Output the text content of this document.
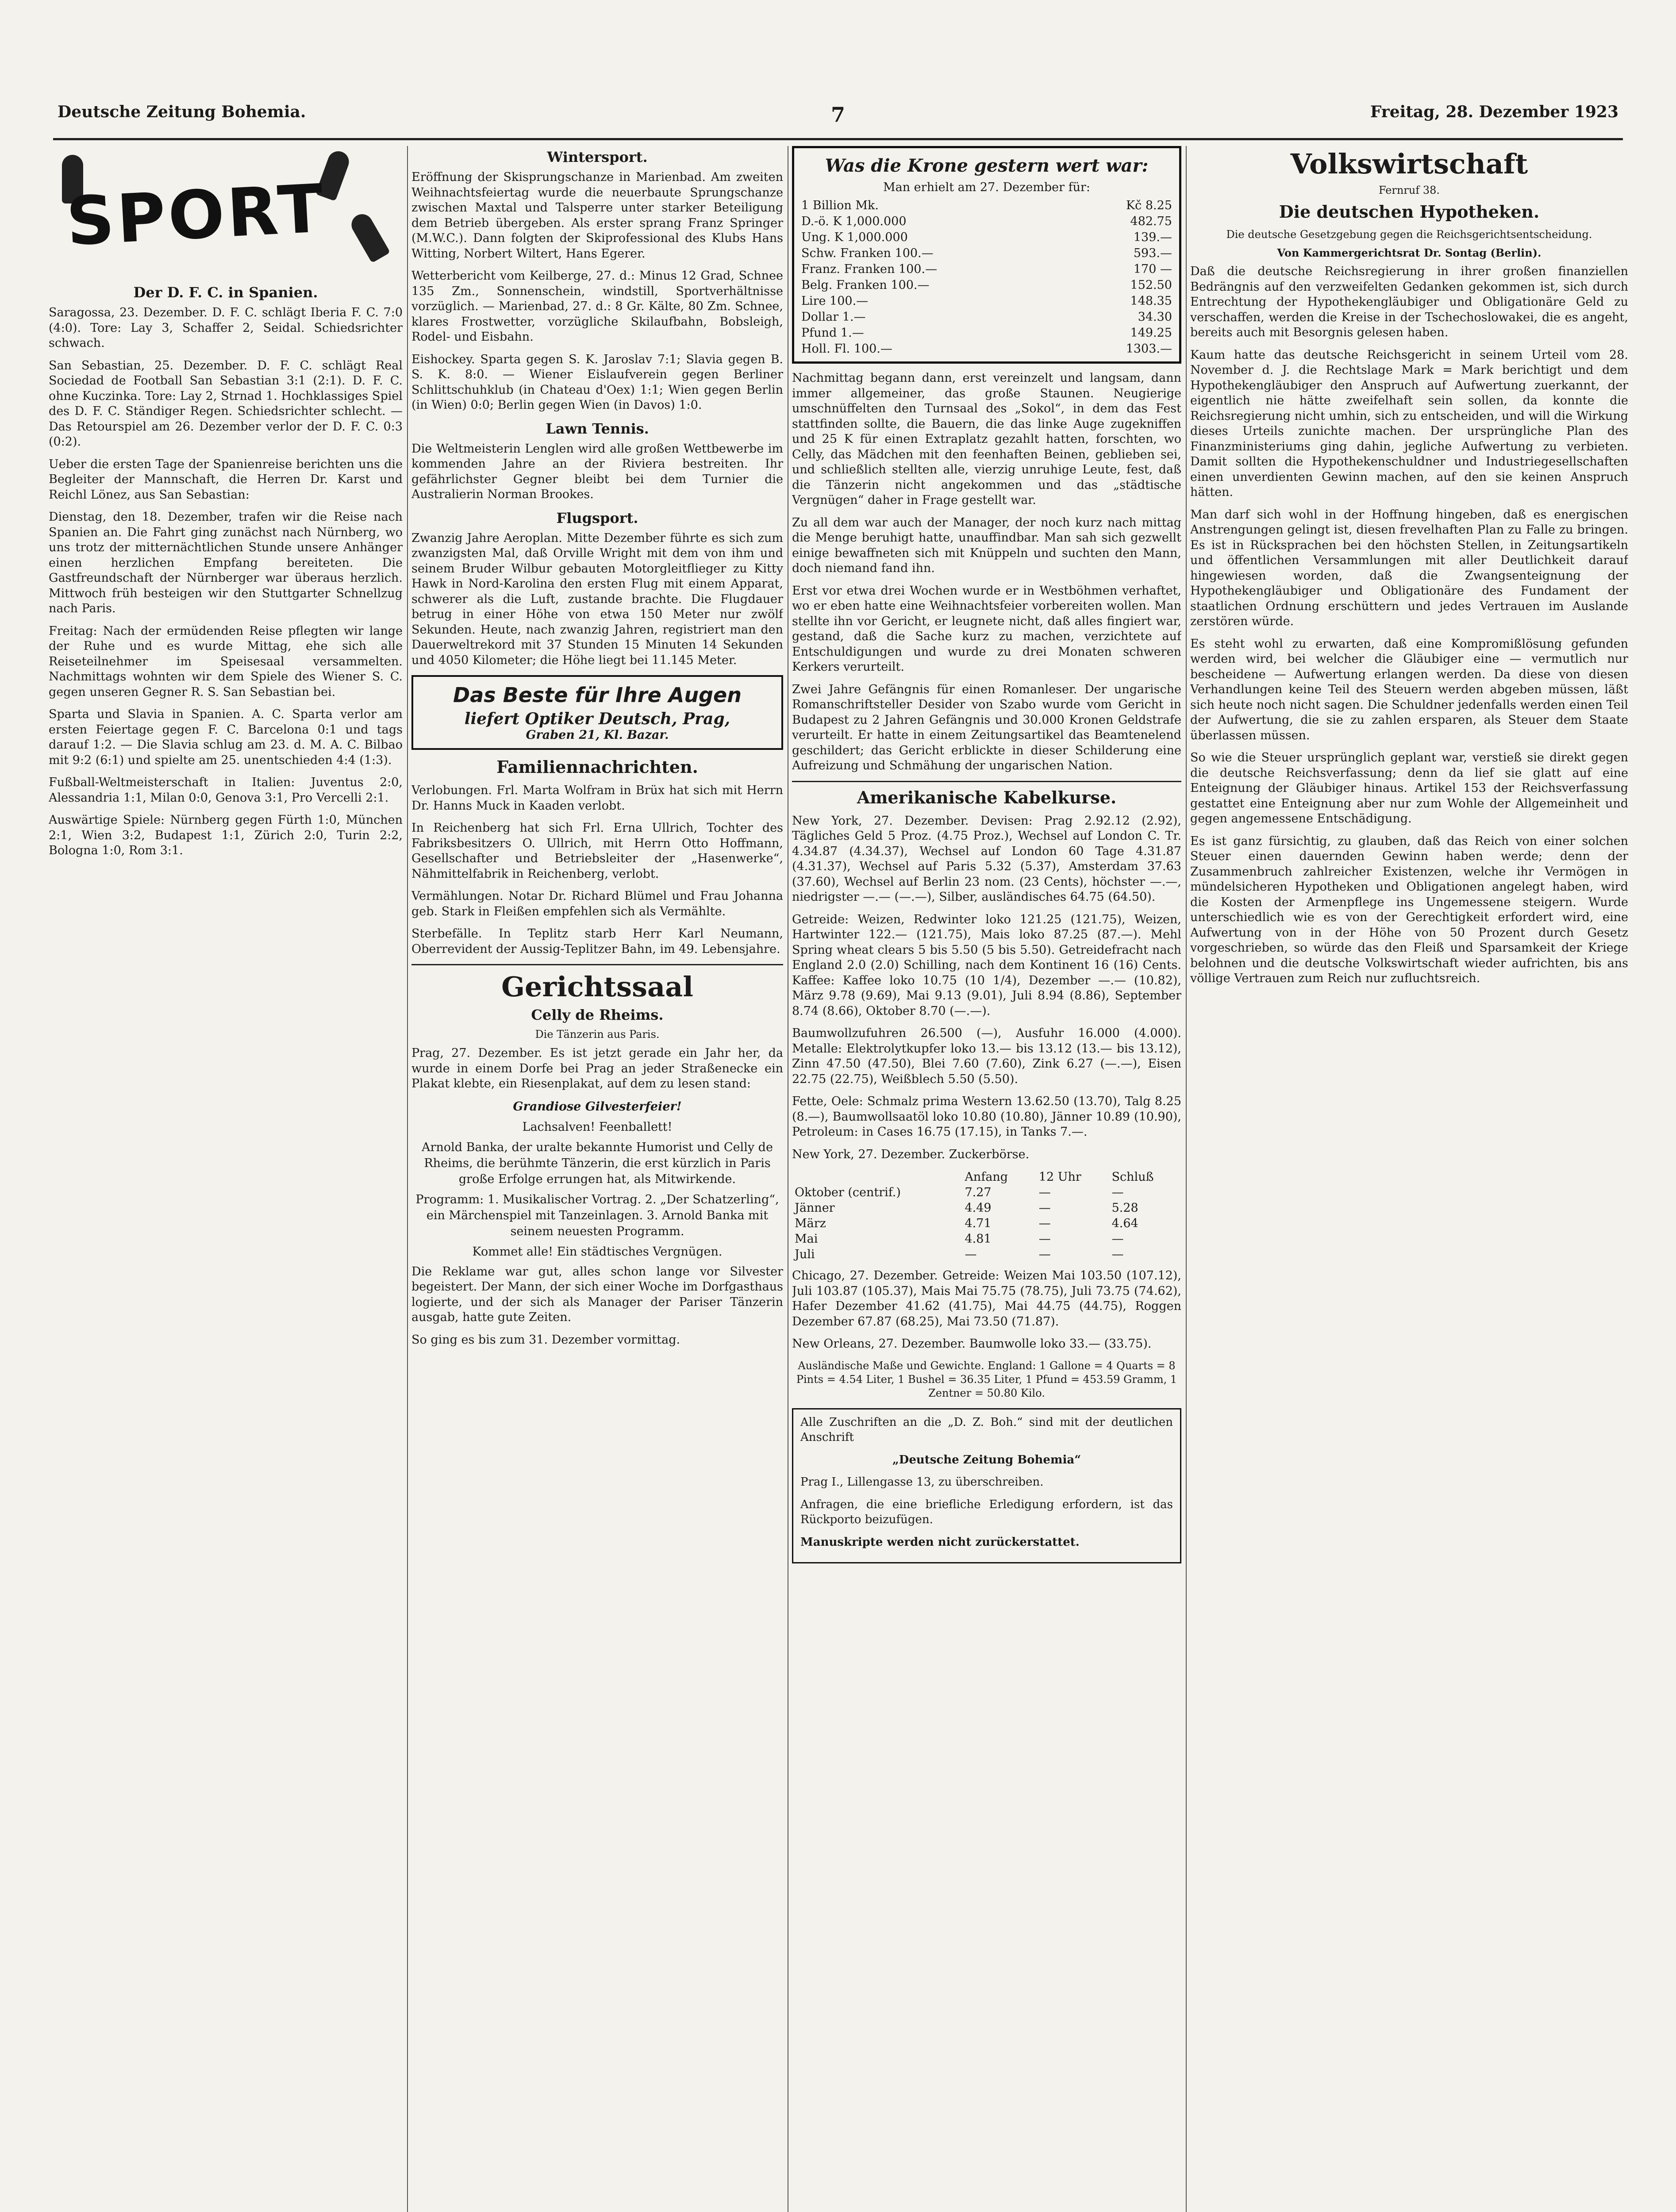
Deutsche Zeitung Bohemia.	7	Freitag, 28. Dezember 1923
SPORT
Der D. F. C. in Spanien.

Saragossa, 23. Dezember. D. F. C. schlägt Iberia F. C. 7:0 (4:0). Tore: Lay 3, Schaffer 2, Seidal. Schiedsrichter schwach.

San Sebastian, 25. Dezember. D. F. C. schlägt Real Sociedad de Football San Sebastian 3:1 (2:1). D. F. C. ohne Kuczinka. Tore: Lay 2, Strnad 1. Hochklassiges Spiel des D. F. C. Ständiger Regen. Schiedsrichter schlecht. — Das Retourspiel am 26. Dezember verlor der D. F. C. 0:3 (0:2).

Ueber die ersten Tage der Spanienreise berichten uns die Begleiter der Mannschaft, die Herren Dr. Karst und Reichl Lönez, aus San Sebastian:

Dienstag, den 18. Dezember, trafen wir die Reise nach Spanien an. Die Fahrt ging zunächst nach Nürnberg, wo uns trotz der mitternächtlichen Stunde unsere Anhänger einen herzlichen Empfang bereiteten. Die Gastfreundschaft der Nürnberger war überaus herzlich. Mittwoch früh besteigen wir den Stuttgarter Schnellzug nach Paris.

Freitag: Nach der ermüdenden Reise pflegten wir lange der Ruhe und es wurde Mittag, ehe sich alle Reiseteilnehmer im Speisesaal versammelten. Nachmittags wohnten wir dem Spiele des Wiener S. C. gegen unseren Gegner R. S. San Sebastian bei.

Sparta und Slavia in Spanien. A. C. Sparta verlor am ersten Feiertage gegen F. C. Barcelona 0:1 und tags darauf 1:2. — Die Slavia schlug am 23. d. M. A. C. Bilbao mit 9:2 (6:1) und spielte am 25. unentschieden 4:4 (1:3).

Fußball-Weltmeisterschaft in Italien: Juventus 2:0, Alessandria 1:1, Milan 0:0, Genova 3:1, Pro Vercelli 2:1.

Auswärtige Spiele: Nürnberg gegen Fürth 1:0, München 2:1, Wien 3:2, Budapest 1:1, Zürich 2:0, Turin 2:2, Bologna 1:0, Rom 3:1.

Wintersport.

Eröffnung der Skisprungschanze in Marienbad. Am zweiten Weihnachtsfeiertag wurde die neuerbaute Sprungschanze zwischen Maxtal und Talsperre unter starker Beteiligung dem Betrieb übergeben. Als erster sprang Franz Springer (M.W.C.). Dann folgten der Skiprofessional des Klubs Hans Witting, Norbert Wiltert, Hans Egerer.

Wetterbericht vom Keilberge, 27. d.: Minus 12 Grad, Schnee 135 Zm., Sonnenschein, windstill, Sportverhältnisse vorzüglich. — Marienbad, 27. d.: 8 Gr. Kälte, 80 Zm. Schnee, klares Frostwetter, vorzügliche Skilaufbahn, Bobsleigh, Rodel- und Eisbahn.

Eishockey. Sparta gegen S. K. Jaroslav 7:1; Slavia gegen B. S. K. 8:0. — Wiener Eislaufverein gegen Berliner Schlittschuhklub (in Chateau d'Oex) 1:1; Wien gegen Berlin (in Wien) 0:0; Berlin gegen Wien (in Davos) 1:0.

Lawn Tennis.

Die Weltmeisterin Lenglen wird alle großen Wettbewerbe im kommenden Jahre an der Riviera bestreiten. Ihr gefährlichster Gegner bleibt bei dem Turnier die Australierin Norman Brookes.

Flugsport.

Zwanzig Jahre Aeroplan. Mitte Dezember führte es sich zum zwanzigsten Mal, daß Orville Wright mit dem von ihm und seinem Bruder Wilbur gebauten Motorgleitflieger zu Kitty Hawk in Nord-Karolina den ersten Flug mit einem Apparat, schwerer als die Luft, zustande brachte. Die Flugdauer betrug in einer Höhe von etwa 150 Meter nur zwölf Sekunden. Heute, nach zwanzig Jahren, registriert man den Dauerweltrekord mit 37 Stunden 15 Minuten 14 Sekunden und 4050 Kilometer; die Höhe liegt bei 11.145 Meter.

Das Beste für Ihre Augen
liefert Optiker Deutsch, Prag,
Graben 21, Kl. Bazar.
Familiennachrichten.

Verlobungen. Frl. Marta Wolfram in Brüx hat sich mit Herrn Dr. Hanns Muck in Kaaden verlobt.

In Reichenberg hat sich Frl. Erna Ullrich, Tochter des Fabriksbesitzers O. Ullrich, mit Herrn Otto Hoffmann, Gesellschafter und Betriebsleiter der „Hasenwerke“, Nähmittelfabrik in Reichenberg, verlobt.

Vermählungen. Notar Dr. Richard Blümel und Frau Johanna geb. Stark in Fleißen empfehlen sich als Vermählte.

Sterbefälle. In Teplitz starb Herr Karl Neumann, Oberrevident der Aussig-Teplitzer Bahn, im 49. Lebensjahre.

Gerichtssaal
Celly de Rheims.

Die Tänzerin aus Paris.

Prag, 27. Dezember. Es ist jetzt gerade ein Jahr her, da wurde in einem Dorfe bei Prag an jeder Straßenecke ein Plakat klebte, ein Riesenplakat, auf dem zu lesen stand:

Grandiose Gilvesterfeier!

Lachsalven! Feenballett!

Arnold Banka, der uralte bekannte Humorist und Celly de Rheims, die berühmte Tänzerin, die erst kürzlich in Paris große Erfolge errungen hat, als Mitwirkende.

Programm: 1. Musikalischer Vortrag. 2. „Der Schatzerling“, ein Märchenspiel mit Tanzeinlagen. 3. Arnold Banka mit seinem neuesten Programm.

Kommet alle! Ein städtisches Vergnügen.

Die Reklame war gut, alles schon lange vor Silvester begeistert. Der Mann, der sich einer Woche im Dorfgasthaus logierte, und der sich als Manager der Pariser Tänzerin ausgab, hatte gute Zeiten.

So ging es bis zum 31. Dezember vormittag.

Was die Krone gestern wert war:
Man erhielt am 27. Dezember für:
1 Billion Mk.	Kč 8.25
D.-ö. K 1,000.000	482.75
Ung. K 1,000.000	139.—
Schw. Franken 100.—	593.—
Franz. Franken 100.—	170 —
Belg. Franken 100.—	152.50
Lire 100.—	148.35
Dollar 1.—	34.30
Pfund 1.—	149.25
Holl. Fl. 100.—	1303.—

Nachmittag begann dann, erst vereinzelt und langsam, dann immer allgemeiner, das große Staunen. Neugierige umschnüffelten den Turnsaal des „Sokol“, in dem das Fest stattfinden sollte, die Bauern, die das linke Auge zugekniffen und 25 K für einen Extraplatz gezahlt hatten, forschten, wo Celly, das Mädchen mit den feenhaften Beinen, geblieben sei, und schließlich stellten alle, vierzig unruhige Leute, fest, daß die Tänzerin nicht angekommen und das „städtische Vergnügen“ daher in Frage gestellt war.

Zu all dem war auch der Manager, der noch kurz nach mittag die Menge beruhigt hatte, unauffindbar. Man sah sich gezwellt einige bewaffneten sich mit Knüppeln und suchten den Mann, doch niemand fand ihn.

Erst vor etwa drei Wochen wurde er in Westböhmen verhaftet, wo er eben hatte eine Weihnachtsfeier vorbereiten wollen. Man stellte ihn vor Gericht, er leugnete nicht, daß alles fingiert war, gestand, daß die Sache kurz zu machen, verzichtete auf Entschuldigungen und wurde zu drei Monaten schweren Kerkers verurteilt.

Zwei Jahre Gefängnis für einen Romanleser. Der ungarische Romanschriftsteller Desider von Szabo wurde vom Gericht in Budapest zu 2 Jahren Gefängnis und 30.000 Kronen Geldstrafe verurteilt. Er hatte in einem Zeitungsartikel das Beamtenelend geschildert; das Gericht erblickte in dieser Schilderung eine Aufreizung und Schmähung der ungarischen Nation.

Amerikanische Kabelkurse.

New York, 27. Dezember. Devisen: Prag 2.92.12 (2.92), Tägliches Geld 5 Proz. (4.75 Proz.), Wechsel auf London C. Tr. 4.34.87 (4.34.37), Wechsel auf London 60 Tage 4.31.87 (4.31.37), Wechsel auf Paris 5.32 (5.37), Amsterdam 37.63 (37.60), Wechsel auf Berlin 23 nom. (23 Cents), höchster —.—, niedrigster —.— (—.—), Silber, ausländisches 64.75 (64.50).

Getreide: Weizen, Redwinter loko 121.25 (121.75), Weizen, Hartwinter 122.— (121.75), Mais loko 87.25 (87.—). Mehl Spring wheat clears 5 bis 5.50 (5 bis 5.50). Getreidefracht nach England 2.0 (2.0) Schilling, nach dem Kontinent 16 (16) Cents. Kaffee: Kaffee loko 10.75 (10 1/4), Dezember —.— (10.82), März 9.78 (9.69), Mai 9.13 (9.01), Juli 8.94 (8.86), September 8.74 (8.66), Oktober 8.70 (—.—).

Baumwollzufuhren 26.500 (—), Ausfuhr 16.000 (4.000). Metalle: Elektrolytkupfer loko 13.— bis 13.12 (13.— bis 13.12), Zinn 47.50 (47.50), Blei 7.60 (7.60), Zink 6.27 (—.—), Eisen 22.75 (22.75), Weißblech 5.50 (5.50).

Fette, Oele: Schmalz prima Western 13.62.50 (13.70), Talg 8.25 (8.—), Baumwollsaatöl loko 10.80 (10.80), Jänner 10.89 (10.90), Petroleum: in Cases 16.75 (17.15), in Tanks 7.—.

New York, 27. Dezember. Zuckerbörse.

	Anfang	12 Uhr	Schluß
Oktober (centrif.)	7.27	—	—
Jänner	4.49	—	5.28
März	4.71	—	4.64
Mai	4.81	—	—
Juli	—	—	—

Chicago, 27. Dezember. Getreide: Weizen Mai 103.50 (107.12), Juli 103.87 (105.37), Mais Mai 75.75 (78.75), Juli 73.75 (74.62), Hafer Dezember 41.62 (41.75), Mai 44.75 (44.75), Roggen Dezember 67.87 (68.25), Mai 73.50 (71.87).

New Orleans, 27. Dezember. Baumwolle loko 33.— (33.75).

Ausländische Maße und Gewichte. England: 1 Gallone = 4 Quarts = 8 Pints = 4.54 Liter, 1 Bushel = 36.35 Liter, 1 Pfund = 453.59 Gramm, 1 Zentner = 50.80 Kilo.

Alle Zuschriften an die „D. Z. Boh.“ sind mit der deutlichen Anschrift

„Deutsche Zeitung Bohemia“

Prag I., Lillengasse 13, zu überschreiben.

Anfragen, die eine briefliche Erledigung erfordern, ist das Rückporto beizufügen.

Manuskripte werden nicht zurückerstattet.

Volkswirtschaft

Fernruf 38.

Die deutschen Hypotheken.

Die deutsche Gesetzgebung gegen die Reichsgerichtsentscheidung.

Von Kammergerichtsrat Dr. Sontag (Berlin).

Daß die deutsche Reichsregierung in ihrer großen finanziellen Bedrängnis auf den verzweifelten Gedanken gekommen ist, sich durch Entrechtung der Hypothekengläubiger und Obligationäre Geld zu verschaffen, werden die Kreise in der Tschechoslowakei, die es angeht, bereits auch mit Besorgnis gelesen haben.

Kaum hatte das deutsche Reichsgericht in seinem Urteil vom 28. November d. J. die Rechtslage Mark = Mark berichtigt und dem Hypothekengläubiger den Anspruch auf Aufwertung zuerkannt, der eigentlich nie hätte zweifelhaft sein sollen, da konnte die Reichsregierung nicht umhin, sich zu entscheiden, und will die Wirkung dieses Urteils zunichte machen. Der ursprüngliche Plan des Finanzministeriums ging dahin, jegliche Aufwertung zu verbieten. Damit sollten die Hypothekenschuldner und Industriegesellschaften einen unverdienten Gewinn machen, auf den sie keinen Anspruch hätten.

Man darf sich wohl in der Hoffnung hingeben, daß es energischen Anstrengungen gelingt ist, diesen frevelhaften Plan zu Falle zu bringen. Es ist in Rücksprachen bei den höchsten Stellen, in Zeitungsartikeln und öffentlichen Versammlungen mit aller Deutlichkeit darauf hingewiesen worden, daß die Zwangsenteignung der Hypothekengläubiger und Obligationäre des Fundament der staatlichen Ordnung erschüttern und jedes Vertrauen im Auslande zerstören würde.

Es steht wohl zu erwarten, daß eine Kompromißlösung gefunden werden wird, bei welcher die Gläubiger eine — vermutlich nur bescheidene — Aufwertung erlangen werden. Da diese von diesen Verhandlungen keine Teil des Steuern werden abgeben müssen, läßt sich heute noch nicht sagen. Die Schuldner jedenfalls werden einen Teil der Aufwertung, die sie zu zahlen ersparen, als Steuer dem Staate überlassen müssen.

So wie die Steuer ursprünglich geplant war, verstieß sie direkt gegen die deutsche Reichsverfassung; denn da lief sie glatt auf eine Enteignung der Gläubiger hinaus. Artikel 153 der Reichsverfassung gestattet eine Enteignung aber nur zum Wohle der Allgemeinheit und gegen angemessene Entschädigung.

Es ist ganz fürsichtig, zu glauben, daß das Reich von einer solchen Steuer einen dauernden Gewinn haben werde; denn der Zusammenbruch zahlreicher Existenzen, welche ihr Vermögen in mündelsicheren Hypotheken und Obligationen angelegt haben, wird die Kosten der Armenpflege ins Ungemessene steigern. Wurde unterschiedlich wie es von der Gerechtigkeit erfordert wird, eine Aufwertung von in der Höhe von 50 Prozent durch Gesetz vorgeschrieben, so würde das den Fleiß und Sparsamkeit der Kriege belohnen und die deutsche Volkswirtschaft wieder aufrichten, bis ans völlige Vertrauen zum Reich nur zufluchtsreich.
